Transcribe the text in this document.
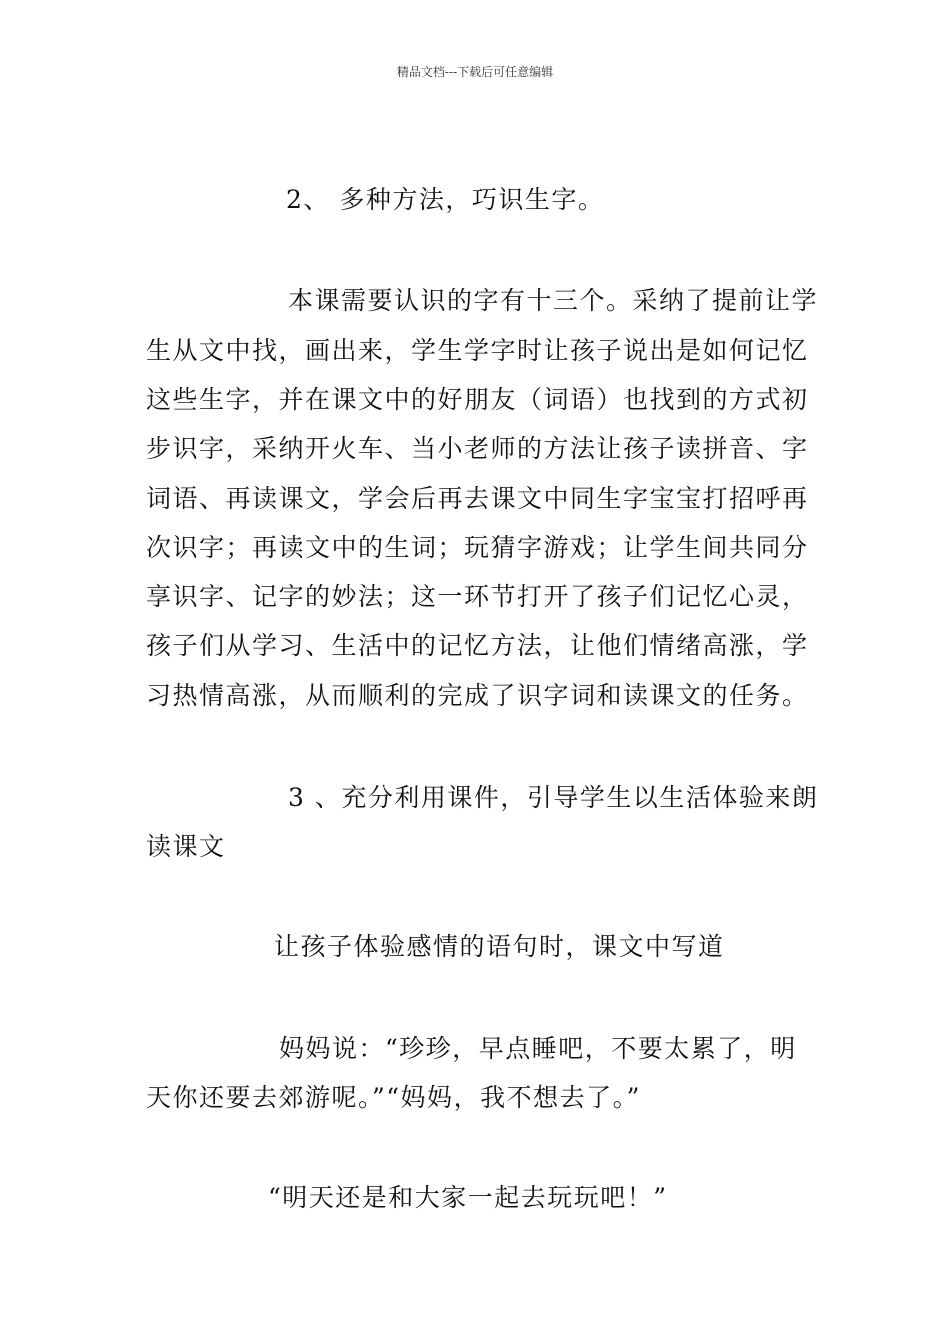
精品文档---下载后可任意编辑
2、 多种方法，巧识生字。
本课需要认识的字有十三个。采纳了提前让学
生从文中找，画出来，学生学字时让孩子说出是如何记忆
这些生字，并在课文中的好朋友（词语）也找到的方式初
步识字，采纳开火车、当小老师的方法让孩子读拼音、字
词语、再读课文，学会后再去课文中同生字宝宝打招呼再
次识字；再读文中的生词；玩猜字游戏；让学生间共同分
享识字、记字的妙法；这一环节打开了孩子们记忆心灵，
孩子们从学习、生活中的记忆方法，让他们情绪高涨，学
习热情高涨，从而顺利的完成了识字词和读课文的任务。
3 、充分利用课件，引导学生以生活体验来朗
读课文
让孩子体验感情的语句时，课文中写道
妈妈说：“珍珍，早点睡吧，不要太累了，明
天你还要去郊游呢。”“妈妈，我不想去了。”
“明天还是和大家一起去玩玩吧！”
